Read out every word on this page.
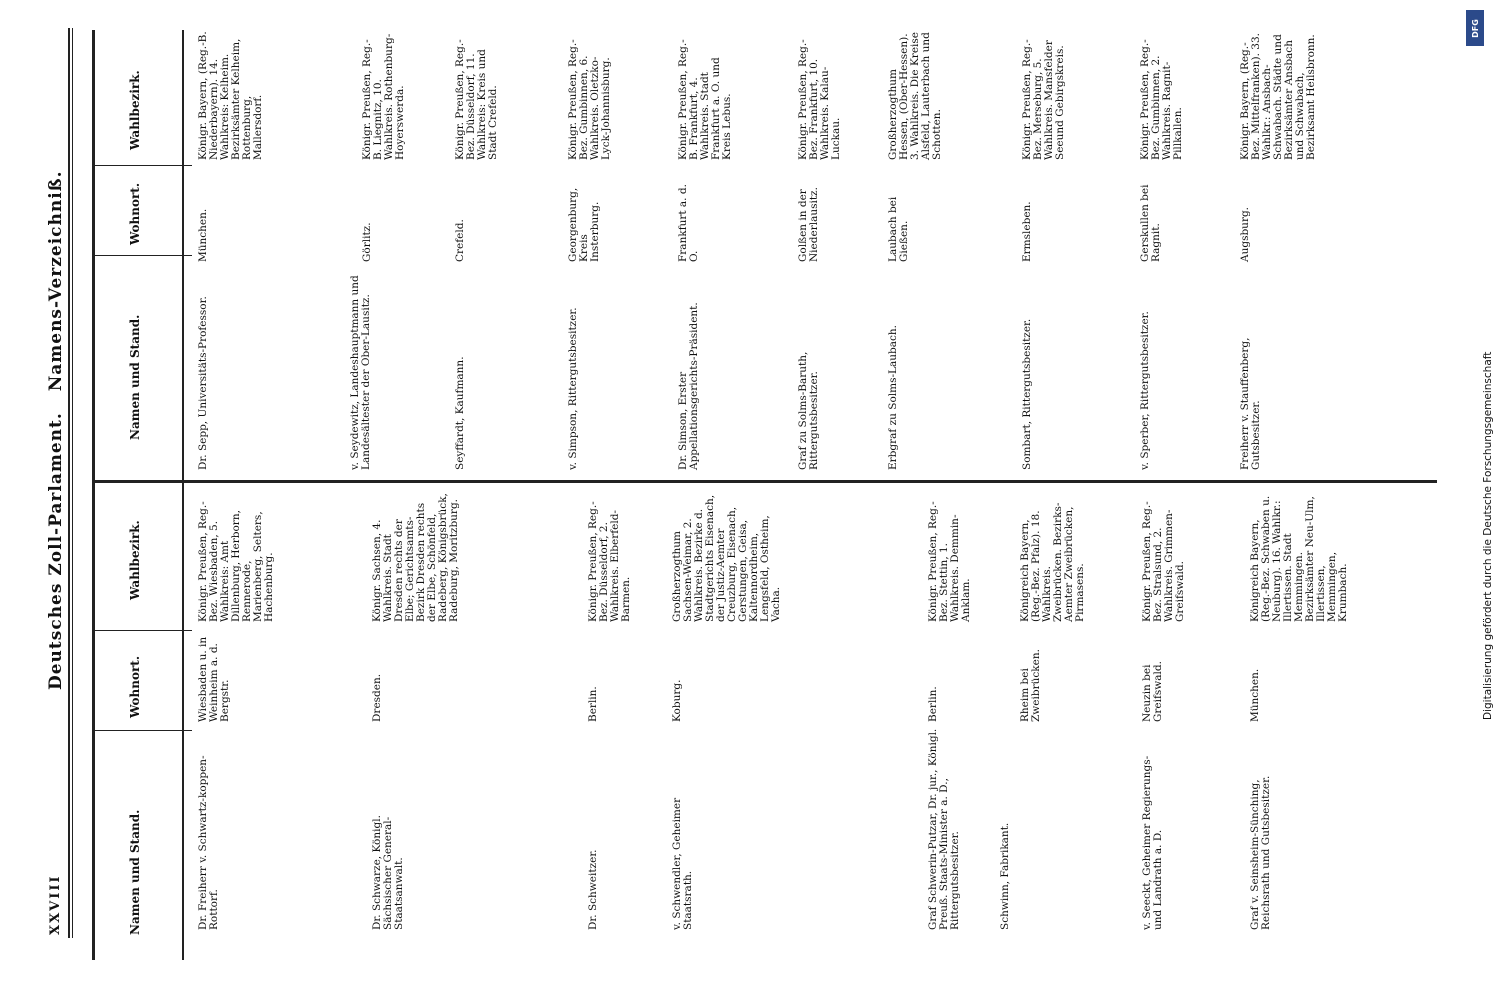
XXVIII
Deutsches Zoll-Parlament. Namens-Verzeichniß.
Namen und Stand.
Wohnort.
Wahlbezirk.
Namen und Stand.
Wohnort.
Wahlbezirk.
Dr. Freiherr v. Schwartz-koppen-Rottorf.
Wiesbaden u. in Weinheim a. d. Bergstr.
Königr. Preußen, Reg.-Bez. Wiesbaden, 5. Wahlkreis: Amt Dillenburg, Herborn, Rennerode, Marienberg, Selters, Hachenburg.
Dr. Schwarze, Königl. Sächsischer General-Staatsanwalt.
Dresden.
Königr. Sachsen, 4. Wahlkreis. Stadt Dresden rechts der Elbe; Gerichtsamts-Bezirk Dresden rechts der Elbe, Schönfeld, Radeberg, Königsbrück, Radeburg, Moritzburg.
Dr. Schweitzer.
Berlin.
Königr. Preußen, Reg.-Bez. Düsseldorf, 2. Wahlkreis. Elberfeld-Barmen.
v. Schwendler, Geheimer Staatsrath.
Koburg.
Großherzogthum Sachsen-Weimar, 2. Wahlkreis. Bezirke d. Stadtgerichts Eisenach, der Justiz-Aemter Creuzburg, Eisenach, Gerstungen, Geisa, Kaltennordheim, Lengsfeld, Ostheim, Vacha.
Graf Schwerin-Putzar, Dr. jur., Königl. Preuß. Staats-Minister a. D., Rittergutsbesitzer.
Berlin.
Königr. Preußen, Reg.-Bez. Stettin, 1. Wahlkreis. Demmin-Anklam.
Schwinn, Fabrikant.
Rheim bei Zweibrücken.
Königreich Bayern, (Reg.-Bez. Pfalz). 18. Wahlkreis. Zweibrücken. Bezirks-Aemter Zweibrücken, Pirmasens.
v. Seeckt, Geheimer Regierungs- und Landrath a. D.
Neuzin bei Greifswald.
Königr. Preußen, Reg.-Bez. Stralsund, 2. Wahlkreis. Grimmen-Greifswald.
Graf v. Seinsheim-Sünching, Reichsrath und Gutsbesitzer.
München.
Königreich Bayern, (Reg.-Bez. Schwaben u. Neuburg). 16. Wahlkr.: Illertissen. Stadt Memmingen. Bezirksämter Neu-Ulm, Illertissen, Memmingen, Krumbach.
Dr. Sepp, Universitäts-Professor.
München.
Königr. Bayern, (Reg.-B. Niederbayern). 14. Wahlkreis: Kelheim. Bezirksämter Kelheim, Rottenburg, Mallersdorf.
v. Seydewitz, Landeshauptmann und Landesältester der Ober-Lausitz.
Görlitz.
Königr. Preußen, Reg.-B. Liegnitz, 10. Wahlkreis. Rothenburg-Hoyerswerda.
Seyffardt, Kaufmann.
Crefeld.
Königr. Preußen, Reg.-Bez. Düsseldorf, 11. Wahlkreis: Kreis und Stadt Crefeld.
v. Simpson, Rittergutsbesitzer.
Georgenburg, Kreis Insterburg.
Königr. Preußen, Reg.-Bez. Gumbinnen, 6. Wahlkreis. Oletzko-Lyck-Johannisburg.
Dr. Simson, Erster Appellationsgerichts-Präsident.
Frankfurt a. d. O.
Königr. Preußen, Reg.-B. Frankfurt, 4. Wahlkreis. Stadt Frankfurt a. O. und Kreis Lebus.
Graf zu Solms-Baruth, Rittergutsbesitzer.
Golßen in der Niederlausitz.
Königr. Preußen, Reg.-Bez. Frankfurt, 10. Wahlkreis. Kalau-Luckau.
Erbgraf zu Solms-Laubach.
Laubach bei Gießen.
Großherzogthum Hessen, (Ober-Hessen). 3. Wahlkreis. Die Kreise Alsfeld, Lauterbach und Schotten.
Sombart, Rittergutsbesitzer.
Ermsleben.
Königr. Preußen, Reg.-Bez. Merseburg, 5. Wahlkreis. Mansfelder Seeund Gebirgskreis.
v. Sperber, Rittergutsbesitzer.
Gerskullen bei Ragnit.
Königr. Preußen, Reg.-Bez. Gumbinnen, 2. Wahlkreis. Ragnit-Pillkallen.
Freiherr v. Stauffenberg, Gutsbesitzer.
Augsburg.
Königr. Bayern, (Reg.-Bez. Mittelfranken). 33. Wahlkr.: Ansbach-Schwabach. Städte und Bezirksämter Ansbach und Schwabach, Bezirksamt Heilsbronn.
Digitalisierung gefördert durch die Deutsche Forschungsgemeinschaft
DFG
